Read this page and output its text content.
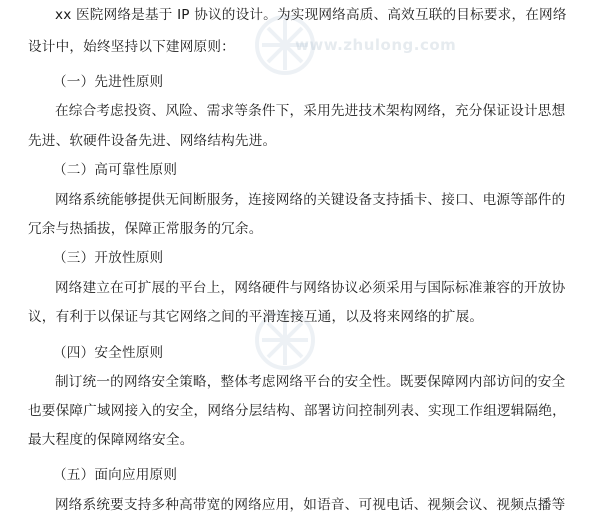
www.zhulong.com
xx 医院网络是基于 IP 协议的设计。为实现网络高质、高效互联的目标要求，在网络
设计中，始终坚持以下建网原则：
（一）先进性原则
在综合考虑投资、风险、需求等条件下，采用先进技术架构网络，充分保证设计思想
先进、软硬件设备先进、网络结构先进。
（二）高可靠性原则
网络系统能够提供无间断服务，连接网络的关键设备支持插卡、接口、电源等部件的
冗余与热插拔，保障正常服务的冗余。
（三）开放性原则
网络建立在可扩展的平台上，网络硬件与网络协议必须采用与国际标准兼容的开放协
议，有利于以保证与其它网络之间的平滑连接互通，以及将来网络的扩展。
（四）安全性原则
制订统一的网络安全策略，整体考虑网络平台的安全性。既要保障网内部访问的安全
也要保障广域网接入的安全，网络分层结构、部署访问控制列表、实现工作组逻辑隔绝，
最大程度的保障网络安全。
（五）面向应用原则
网络系统要支持多种高带宽的网络应用，如语音、可视电话、视频会议、视频点播等
